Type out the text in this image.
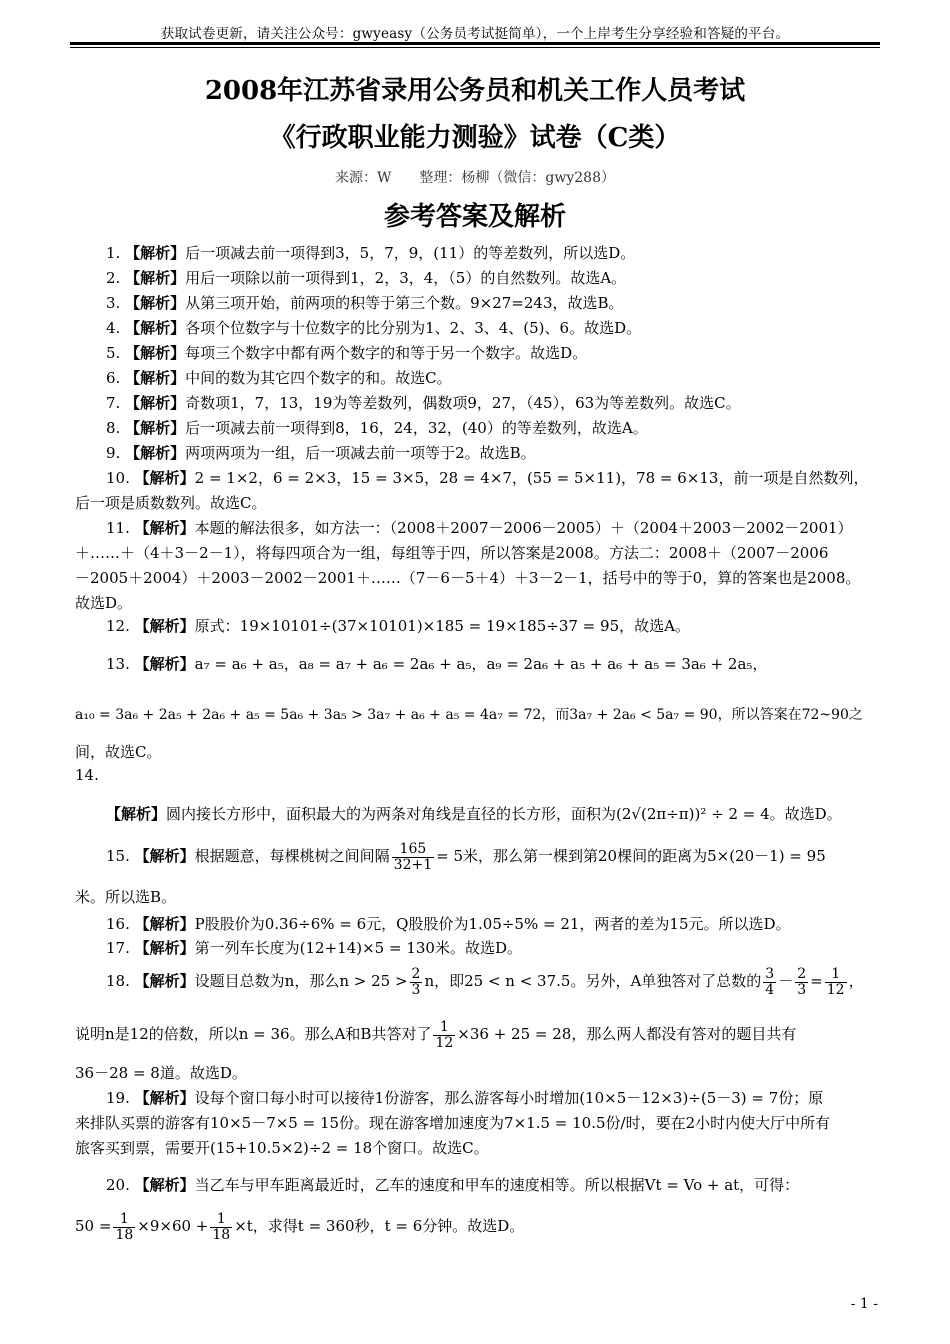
获取试卷更新，请关注公众号：gwyeasy（公务员考试挺简单），一个上岸考生分享经验和答疑的平台。
2008年江苏省录用公务员和机关工作人员考试
《行政职业能力测验》试卷（C类）
来源：W　　整理：杨柳（微信：gwy288）
参考答案及解析
1. 【解析】后一项减去前一项得到3，5，7，9，(11）的等差数列，所以选D。
2. 【解析】用后一项除以前一项得到1，2，3，4，（5）的自然数列。故选A。
3. 【解析】从第三项开始，前两项的积等于第三个数。9×27=243，故选B。
4. 【解析】各项个位数字与十位数字的比分别为1、2、3、4、(5)、6。故选D。
5. 【解析】每项三个数字中都有两个数字的和等于另一个数字。故选D。
6. 【解析】中间的数为其它四个数字的和。故选C。
7. 【解析】奇数项1，7，13，19为等差数列，偶数项9，27，（45），63为等差数列。故选C。
8. 【解析】后一项减去前一项得到8，16，24，32，(40）的等差数列，故选A。
9. 【解析】两项两项为一组，后一项减去前一项等于2。故选B。
10. 【解析】2 = 1×2，6 = 2×3，15 = 3×5，28 = 4×7，(55 = 5×11)，78 = 6×13，前一项是自然数列，
后一项是质数数列。故选C。
11. 【解析】本题的解法很多，如方法一：（2008＋2007－2006－2005）＋（2004＋2003－2002－2001）
＋……＋（4＋3－2－1），将每四项合为一组，每组等于四，所以答案是2008。方法二：2008＋（2007－2006
－2005＋2004）＋2003－2002－2001＋……（7－6－5＋4）＋3－2－1，括号中的等于0，算的答案也是2008。
故选D。
12. 【解析】原式：19×10101÷(37×10101)×185 = 19×185÷37 = 95，故选A。
13. 【解析】a₇ = a₆ + a₅，a₈ = a₇ + a₆ = 2a₆ + a₅，a₉ = 2a₆ + a₅ + a₆ + a₅ = 3a₆ + 2a₅，
a₁₀ = 3a₆ + 2a₅ + 2a₆ + a₅ = 5a₆ + 3a₅ > 3a₇ + a₆ + a₅ = 4a₇ = 72，而3a₇ + 2a₆ < 5a₇ = 90，所以答案在72~90之
间，故选C。
14.
【解析】圆内接长方形中，面积最大的为两条对角线是直径的长方形，面积为(2√(2π÷π))² ÷ 2 = 4。故选D。
15. 【解析】根据题意，每棵桃树之间间隔 $\frac{165}{32+1} = 5$米，那么第一棵到第20棵间的距离为5×(20－1) = 95
米。所以选B。
16. 【解析】P股股价为0.36÷6% = 6元，Q股股价为1.05÷5% = 21，两者的差为15元。所以选D。
17. 【解析】第一列车长度为(12+14)×5 = 130米。故选D。
18. 【解析】设题目总数为n，那么$n > 25 > \frac{2}{3}$ n，即25 < n < 37.5。另外，A单独答对了总数的 $\frac{3}{4} - \frac{2}{3} = \frac{1}{12}$ ，
说明n是12的倍数，所以n = 36。那么A和B共答对了 $\frac{1}{12} \times 36 + 25 = 28$，那么两人都没有答对的题目共有
36－28 = 8道。故选D。
19. 【解析】设每个窗口每小时可以接待1份游客，那么游客每小时增加(10×5－12×3)÷(5－3) = 7份；原
来排队买票的游客有10×5－7×5 = 15份。现在游客增加速度为7×1.5 = 10.5份/时，要在2小时内使大厅中所有
旅客买到票，需要开(15+10.5×2)÷2 = 18个窗口。故选C。
20. 【解析】当乙车与甲车距离最近时，乙车的速度和甲车的速度相等。所以根据Vt = Vo + at，可得：
$50 = \frac{1}{18} \times 9\times 60 + \frac{1}{18} \times t$，求得t = 360秒，t = 6分钟。故选D。
- 1 -
